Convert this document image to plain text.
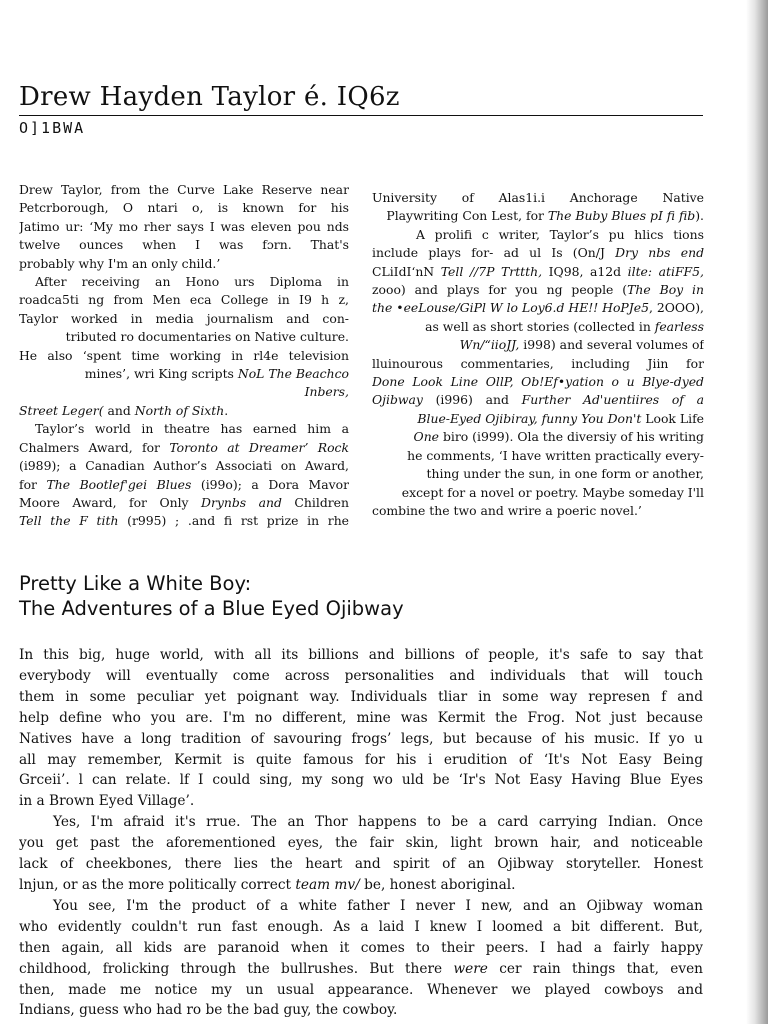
Drew Hayden Taylor é. IQ6z
O]1BWA
Drew Taylor, from the Curve Lake Reserve near
Petcrborough, O ntari o, is known for his
Jatimo ur: ‘My mo rher says I was eleven pou nds
twelve ounces when I was fɔrn. That's
probably why I'm an only child.’
After receiving an Hono urs Diploma in
roadca5ti ng from Men eca College in I9 h z,
Taylor worked in media journalism and con-
tributed ro documentaries on Native culture.
He also ‘spent time working in rl4e television
mines’, wri King scripts NoL The Beachco
Inbers,
Street Leger( and North of Sixth.
Taylor’s world in theatre has earned him a
Chalmers Award, for Toronto at Dreamer’ Rock
(i989); a Canadian Author’s Associati on Award,
for The Bootlef'gei Blues (i99o); a Dora Mavor
Moore Award, for Only Drynbs and Children
Tell the F tith (r995) ; .and fi rst prize in rhe
University of Alas1i.i Anchorage Native
Playwriting Con Lest, for The Buby Blues pI fi fib).
A prolifi c writer, Taylor’s pu hlics tions
include plays for- ad ul Is (On/J Dry nbs end
CLiIdI‘nN Tell //7P Trttth, IQ98, a12d ilte: atiFF5,
zooo) and plays for you ng people (The Boy in
the •eeLouse/GiPl W lo Loy6.d HE!! HoPJe5, 2OOO),
as well as short stories (collected in fearless
Wn/“iioJJ, i998) and several volumes of
lluinourous commentaries, including Jiin for
Done Look Line OllP, Ob!Ef•yation o u Blye-dyed
Ojibway (i996) and Further Ad'uentiires of a
Blue-Eyed Ojibiray, funny You Don't Look Life
One biro (i999). Ola the diversiy of his writing
he comments, ‘I have written practically every-
thing under the sun, in one form or another,
except for a novel or poetry. Maybe someday I'll
combine the two and wrire a poeric novel.’
Pretty Like a White Boy:
The Adventures of a Blue Eyed Ojibway
In this big, huge world, with all its billions and billions of people, it's safe to say that
everybody will eventually come across personalities and individuals that will touch
them in some peculiar yet poignant way. Individuals tliar in some way represen f and
help define who you are. I'm no different, mine was Kermit the Frog. Not just because
Natives have a long tradition of savouring frogs’ legs, but because of his music. If yo u
all may remember, Kermit is quite famous for his i erudition of ‘It's Not Easy Being
Grceii’. l can relate. lf I could sing, my song wo uld be ‘Ir's Not Easy Having Blue Eyes
in a Brown Eyed Village’.
Yes, I'm afraid it's rrue. The an Thor happens to be a card carrying Indian. Once
you get past the aforementioned eyes, the fair skin, light brown hair, and noticeable
lack of cheekbones, there lies the heart and spirit of an Ojibway storyteller. Honest
lnjun, or as the more politically correct team mv/ be, honest aboriginal.
You see, I'm the product of a white father I never I new, and an Ojibway woman
who evidently couldn't run fast enough. As a laid I knew I loomed a bit different. But,
then again, all kids are paranoid when it comes to their peers. I had a fairly happy
childhood, frolicking through the bullrushes. But there were cer rain things that, even
then, made me notice my un usual appearance. Whenever we played cowboys and
Indians, guess who had ro be the bad guy, the cowboy.
